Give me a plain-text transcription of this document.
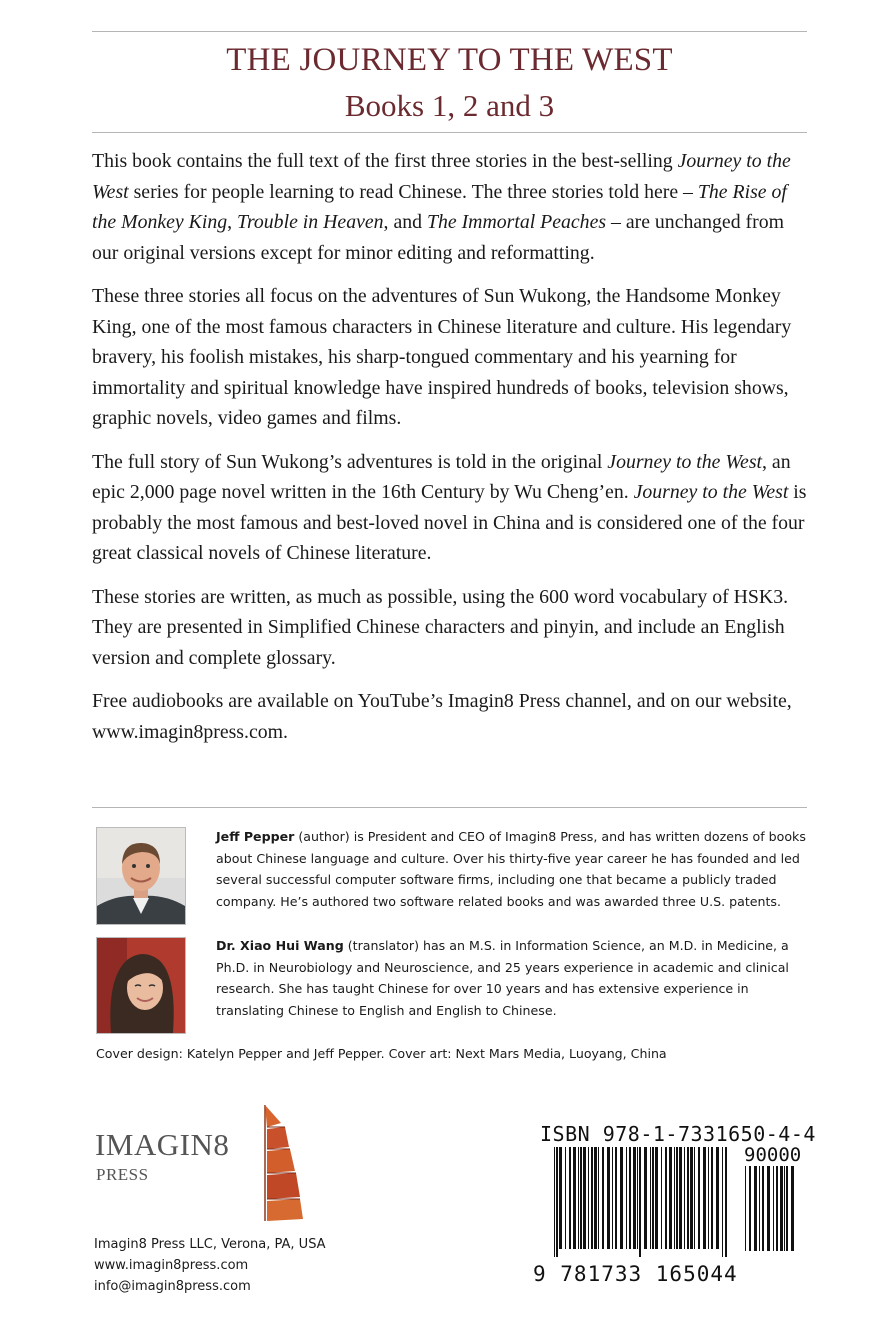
THE JOURNEY TO THE WEST
Books 1, 2 and 3

This book contains the full text of the first three stories in the best-selling Journey to the West series for people learning to read Chinese. The three stories told here – The Rise of the Monkey King, Trouble in Heaven, and The Immortal Peaches – are unchanged from our original versions except for minor editing and reformatting.

These three stories all focus on the adventures of Sun Wukong, the Handsome Monkey King, one of the most famous characters in Chinese literature and culture. His legendary bravery, his foolish mistakes, his sharp-tongued commentary and his yearning for immortality and spiritual knowledge have inspired hundreds of books, television shows, graphic novels, video games and films.

The full story of Sun Wukong’s adventures is told in the original Journey to the West, an epic 2,000 page novel written in the 16th Century by Wu Cheng’en. Journey to the West is probably the most famous and best-loved novel in China and is considered one of the four great classical novels of Chinese literature.

These stories are written, as much as possible, using the 600 word vocabulary of HSK3. They are presented in Simplified Chinese characters and pinyin, and include an English version and complete glossary.

Free audiobooks are available on YouTube’s Imagin8 Press channel, and on our website, www.imagin8press.com.

Jeff Pepper (author) is President and CEO of Imagin8 Press, and has written dozens of books about Chinese language and culture. Over his thirty-five year career he has founded and led several successful computer software firms, including one that became a publicly traded company. He’s authored two software related books and was awarded three U.S. patents.
Dr. Xiao Hui Wang (translator) has an M.S. in Information Science, an M.D. in Medicine, a Ph.D. in Neurobiology and Neuroscience, and 25 years experience in academic and clinical research. She has taught Chinese for over 10 years and has extensive experience in translating Chinese to English and English to Chinese.
Cover design: Katelyn Pepper and Jeff Pepper. Cover art: Next Mars Media, Luoyang, China
IMAGIN8
PRESS
Imagin8 Press LLC, Verona, PA, USA
www.imagin8press.com
info@imagin8press.com
ISBN 978-1-7331650-4-4
90000
9 781733 165044
